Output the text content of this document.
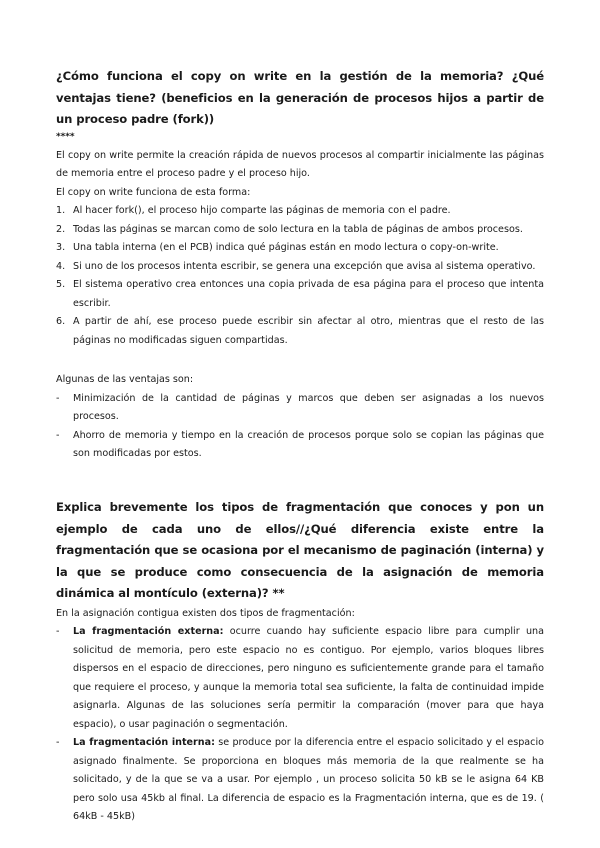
¿Cómo funciona el copy on write en la gestión de la memoria? ¿Qué ventajas tiene? (beneficios en la generación de procesos hijos a partir de un proceso padre (fork))
****

El copy on write permite la creación rápida de nuevos procesos al compartir inicialmente las páginas de memoria entre el proceso padre y el proceso hijo.

El copy on write funciona de esta forma:

1. Al hacer fork(), el proceso hijo comparte las páginas de memoria con el padre.
2. Todas las páginas se marcan como de solo lectura en la tabla de páginas de ambos procesos.
3. Una tabla interna (en el PCB) indica qué páginas están en modo lectura o copy-on-write.
4. Si uno de los procesos intenta escribir, se genera una excepción que avisa al sistema operativo.
5. El sistema operativo crea entonces una copia privada de esa página para el proceso que intenta escribir.
6. A partir de ahí, ese proceso puede escribir sin afectar al otro, mientras que el resto de las páginas no modificadas siguen compartidas.

Algunas de las ventajas son:

- Minimización de la cantidad de páginas y marcos que deben ser asignadas a los nuevos procesos.
- Ahorro de memoria y tiempo en la creación de procesos porque solo se copian las páginas que son modificadas por estos.
Explica brevemente los tipos de fragmentación que conoces y pon un ejemplo de cada uno de ellos//¿Qué diferencia existe entre la fragmentación que se ocasiona por el mecanismo de paginación (interna) y la que se produce como consecuencia de la asignación de memoria dinámica al montículo (externa)? **

En la asignación contigua existen dos tipos de fragmentación:

- La fragmentación externa: ocurre cuando hay suficiente espacio libre para cumplir una solicitud de memoria, pero este espacio no es contiguo. Por ejemplo, varios bloques libres dispersos en el espacio de direcciones, pero ninguno es suficientemente grande para el tamaño que requiere el proceso, y aunque la memoria total sea suficiente, la falta de continuidad impide asignarla. Algunas de las soluciones sería permitir la comparación (mover para que haya espacio), o usar paginación o segmentación.
- La fragmentación interna: se produce por la diferencia entre el espacio solicitado y el espacio asignado finalmente. Se proporciona en bloques más memoria de la que realmente se ha solicitado, y de la que se va a usar. Por ejemplo , un proceso solicita 50 kB se le asigna 64 KB pero solo usa 45kb al final. La diferencia de espacio es la Fragmentación interna, que es de 19. ( 64kB - 45kB)
